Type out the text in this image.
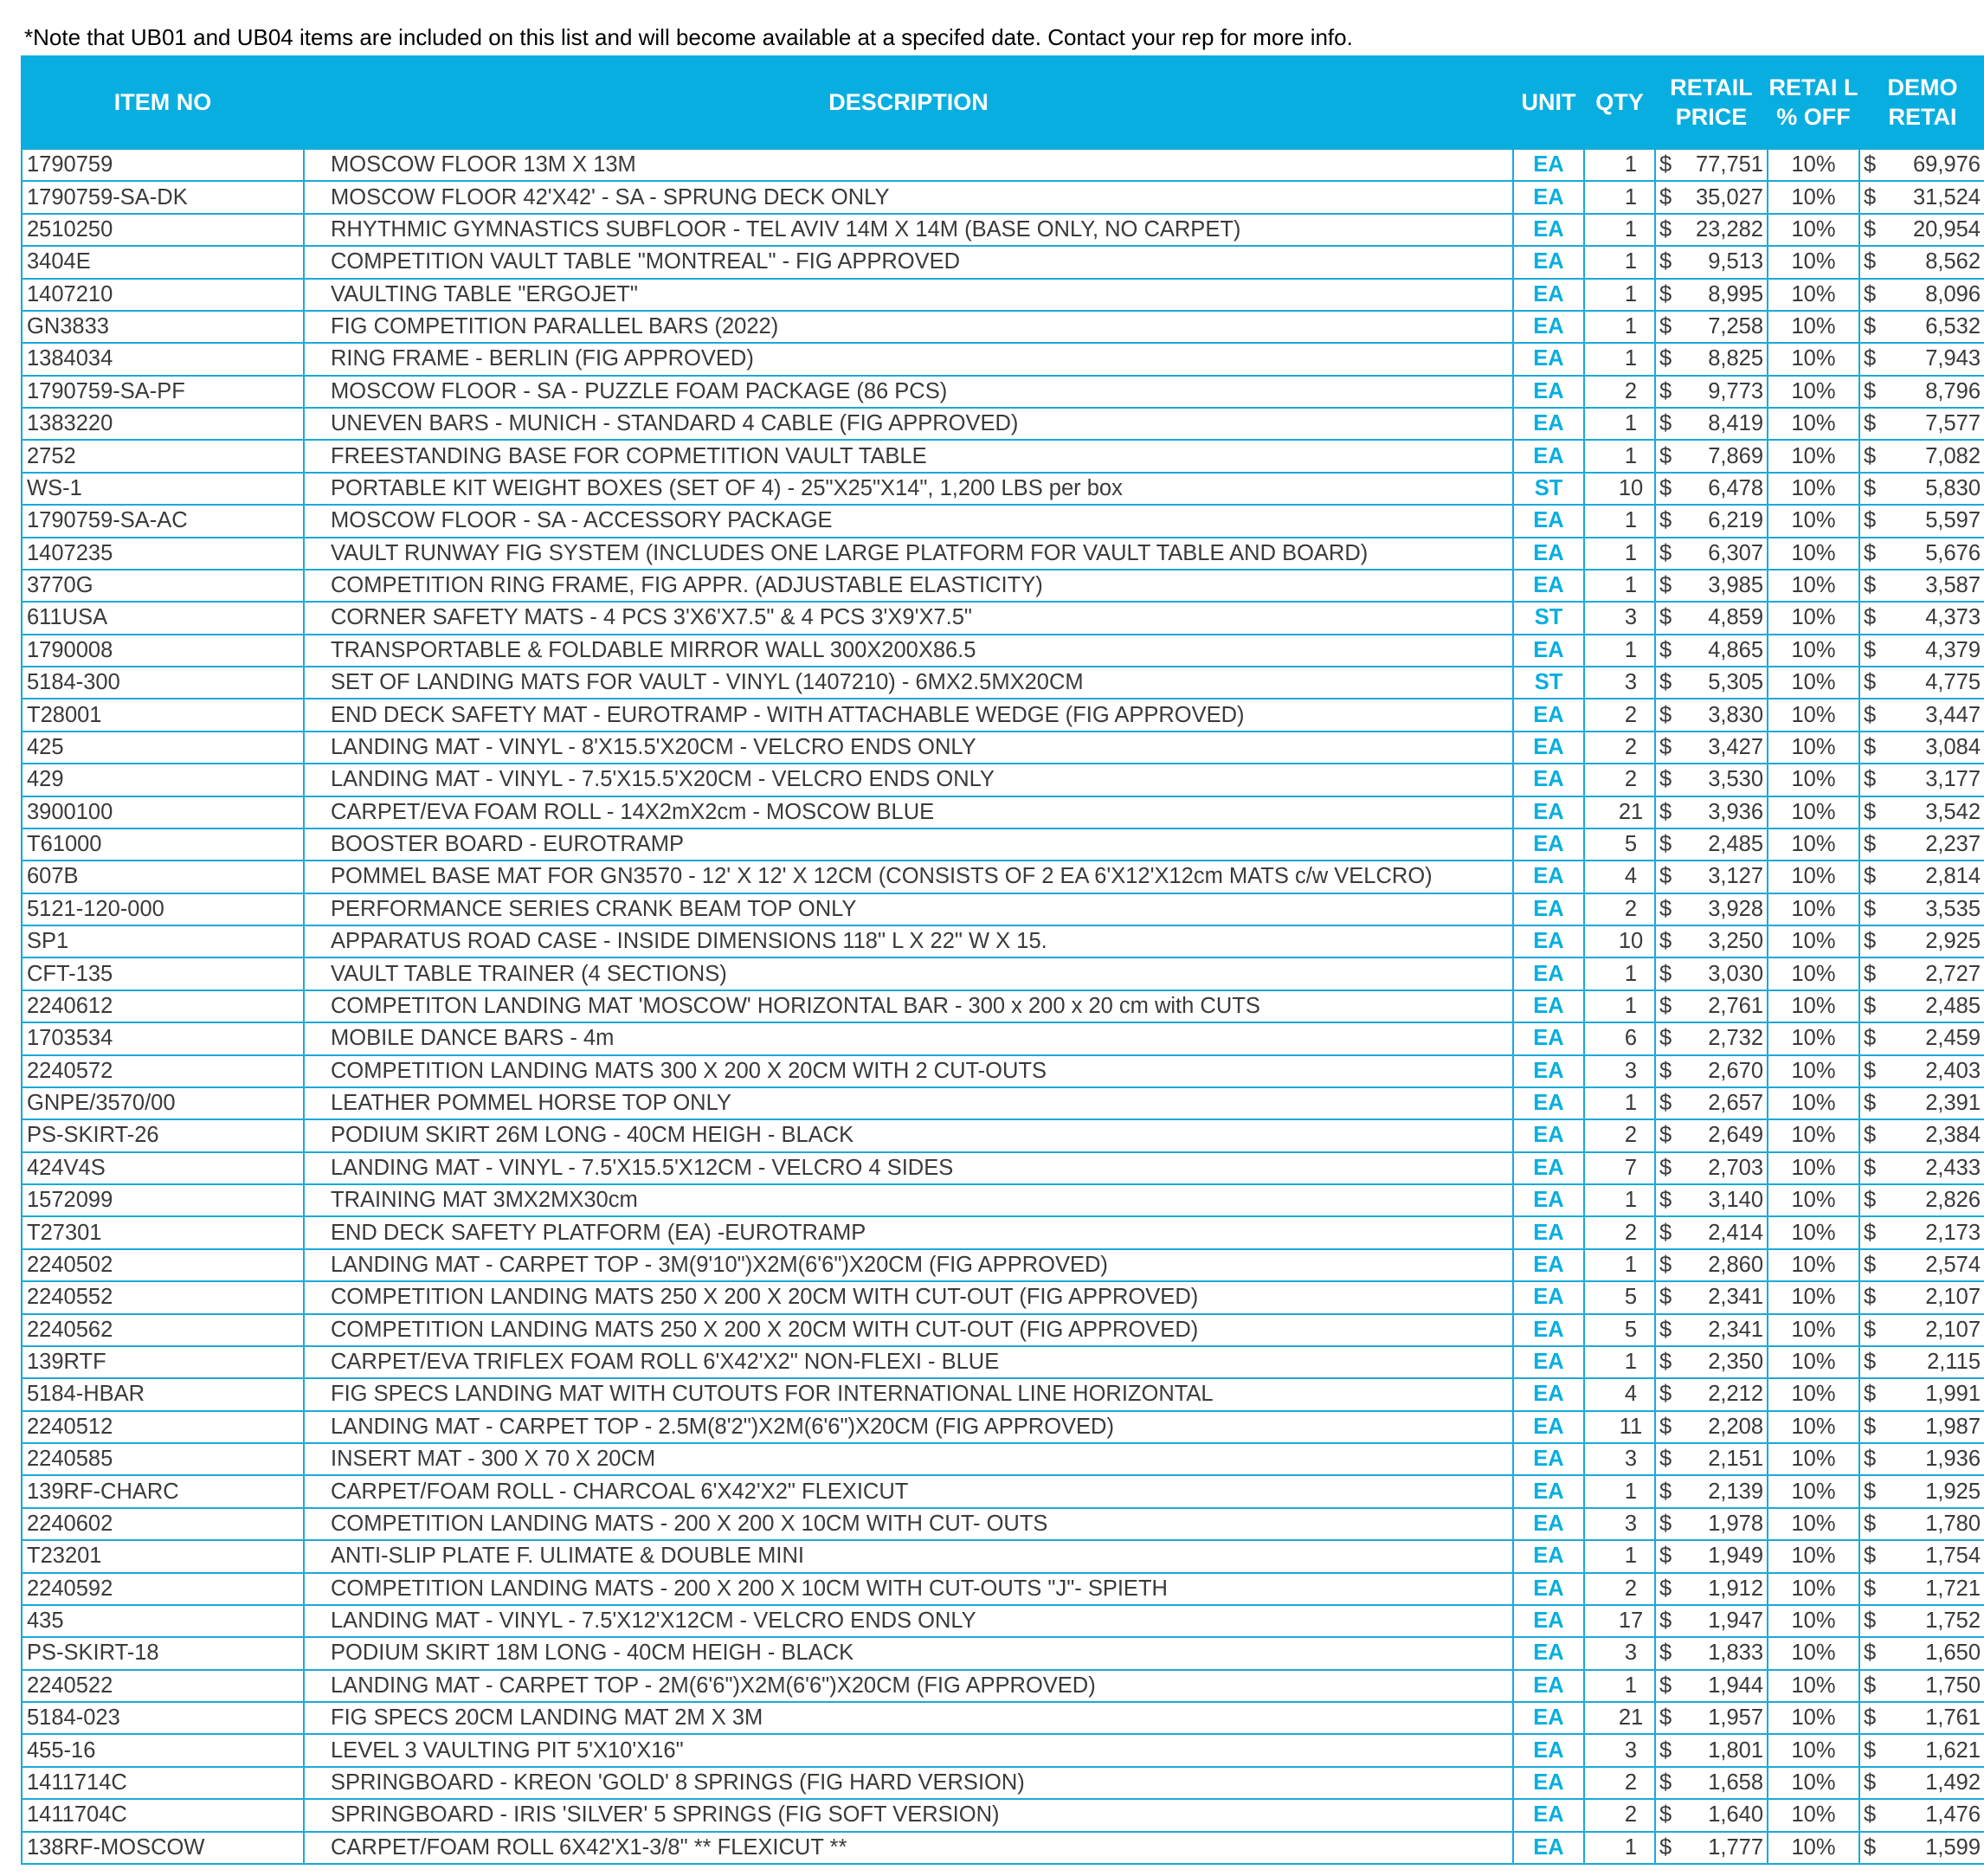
*Note that UB01 and UB04 items are included on this list and will become available at a specifed date. Contact your rep for more info.
ITEM NO	DESCRIPTION	UNIT	QTY	RETAIL PRICE	RETAI L % OFF	DEMO RETAI
1790759	MOSCOW FLOOR 13M X 13M	EA	1	$ 77,751	10%	$ 69,976

1790759-SA-DK	MOSCOW FLOOR 42'X42' - SA - SPRUNG DECK ONLY	EA	1	$ 35,027	10%	$ 31,524

2510250	RHYTHMIC GYMNASTICS SUBFLOOR - TEL AVIV 14M X 14M (BASE ONLY, NO CARPET)	EA	1	$ 23,282	10%	$ 20,954

3404E	COMPETITION VAULT TABLE "MONTREAL" - FIG APPROVED	EA	1	$ 9,513	10%	$ 8,562

1407210	VAULTING TABLE "ERGOJET"	EA	1	$ 8,995	10%	$ 8,096

GN3833	FIG COMPETITION PARALLEL BARS (2022)	EA	1	$ 7,258	10%	$ 6,532

1384034	RING FRAME - BERLIN (FIG APPROVED)	EA	1	$ 8,825	10%	$ 7,943

1790759-SA-PF	MOSCOW FLOOR - SA - PUZZLE FOAM PACKAGE (86 PCS)	EA	2	$ 9,773	10%	$ 8,796

1383220	UNEVEN BARS - MUNICH - STANDARD 4 CABLE (FIG APPROVED)	EA	1	$ 8,419	10%	$ 7,577

2752	FREESTANDING BASE FOR COPMETITION VAULT TABLE	EA	1	$ 7,869	10%	$ 7,082

WS-1	PORTABLE KIT WEIGHT BOXES (SET OF 4) - 25"X25"X14", 1,200 LBS per box	ST	10	$ 6,478	10%	$ 5,830

1790759-SA-AC	MOSCOW FLOOR - SA - ACCESSORY PACKAGE	EA	1	$ 6,219	10%	$ 5,597

1407235	VAULT RUNWAY FIG SYSTEM (INCLUDES ONE LARGE PLATFORM FOR VAULT TABLE AND BOARD)	EA	1	$ 6,307	10%	$ 5,676

3770G	COMPETITION RING FRAME, FIG APPR. (ADJUSTABLE ELASTICITY)	EA	1	$ 3,985	10%	$ 3,587

611USA	CORNER SAFETY MATS - 4 PCS 3'X6'X7.5" & 4 PCS 3'X9'X7.5"	ST	3	$ 4,859	10%	$ 4,373

1790008	TRANSPORTABLE & FOLDABLE MIRROR WALL 300X200X86.5	EA	1	$ 4,865	10%	$ 4,379

5184-300	SET OF LANDING MATS FOR VAULT - VINYL (1407210) - 6MX2.5MX20CM	ST	3	$ 5,305	10%	$ 4,775

T28001	END DECK SAFETY MAT - EUROTRAMP - WITH ATTACHABLE WEDGE (FIG APPROVED)	EA	2	$ 3,830	10%	$ 3,447

425	LANDING MAT - VINYL - 8'X15.5'X20CM - VELCRO ENDS ONLY	EA	2	$ 3,427	10%	$ 3,084

429	LANDING MAT - VINYL - 7.5'X15.5'X20CM - VELCRO ENDS ONLY	EA	2	$ 3,530	10%	$ 3,177

3900100	CARPET/EVA FOAM ROLL - 14X2mX2cm - MOSCOW BLUE	EA	21	$ 3,936	10%	$ 3,542

T61000	BOOSTER BOARD - EUROTRAMP	EA	5	$ 2,485	10%	$ 2,237

607B	POMMEL BASE MAT FOR GN3570 - 12' X 12' X 12CM (CONSISTS OF 2 EA 6'X12'X12cm MATS c/w VELCRO)	EA	4	$ 3,127	10%	$ 2,814

5121-120-000	PERFORMANCE SERIES CRANK BEAM TOP ONLY	EA	2	$ 3,928	10%	$ 3,535

SP1	APPARATUS ROAD CASE - INSIDE DIMENSIONS 118" L X 22" W X 15.	EA	10	$ 3,250	10%	$ 2,925

CFT-135	VAULT TABLE TRAINER (4 SECTIONS)	EA	1	$ 3,030	10%	$ 2,727

2240612	COMPETITON LANDING MAT 'MOSCOW' HORIZONTAL BAR - 300 x 200 x 20 cm with CUTS	EA	1	$ 2,761	10%	$ 2,485

1703534	MOBILE DANCE BARS - 4m	EA	6	$ 2,732	10%	$ 2,459

2240572	COMPETITION LANDING MATS 300 X 200 X 20CM WITH 2 CUT-OUTS	EA	3	$ 2,670	10%	$ 2,403

GNPE/3570/00	LEATHER POMMEL HORSE TOP ONLY	EA	1	$ 2,657	10%	$ 2,391

PS-SKIRT-26	PODIUM SKIRT 26M LONG - 40CM HEIGH - BLACK	EA	2	$ 2,649	10%	$ 2,384

424V4S	LANDING MAT - VINYL - 7.5'X15.5'X12CM - VELCRO 4 SIDES	EA	7	$ 2,703	10%	$ 2,433

1572099	TRAINING MAT 3MX2MX30cm	EA	1	$ 3,140	10%	$ 2,826

T27301	END DECK SAFETY PLATFORM (EA) -EUROTRAMP	EA	2	$ 2,414	10%	$ 2,173

2240502	LANDING MAT - CARPET TOP - 3M(9'10")X2M(6'6")X20CM (FIG APPROVED)	EA	1	$ 2,860	10%	$ 2,574

2240552	COMPETITION LANDING MATS 250 X 200 X 20CM WITH CUT-OUT (FIG APPROVED)	EA	5	$ 2,341	10%	$ 2,107

2240562	COMPETITION LANDING MATS 250 X 200 X 20CM WITH CUT-OUT (FIG APPROVED)	EA	5	$ 2,341	10%	$ 2,107

139RTF	CARPET/EVA TRIFLEX FOAM ROLL 6'X42'X2" NON-FLEXI - BLUE	EA	1	$ 2,350	10%	$ 2,115

5184-HBAR	FIG SPECS LANDING MAT WITH CUTOUTS FOR INTERNATIONAL LINE HORIZONTAL	EA	4	$ 2,212	10%	$ 1,991

2240512	LANDING MAT - CARPET TOP - 2.5M(8'2")X2M(6'6")X20CM (FIG APPROVED)	EA	11	$ 2,208	10%	$ 1,987

2240585	INSERT MAT - 300 X 70 X 20CM	EA	3	$ 2,151	10%	$ 1,936

139RF-CHARC	CARPET/FOAM ROLL - CHARCOAL 6'X42'X2" FLEXICUT	EA	1	$ 2,139	10%	$ 1,925

2240602	COMPETITION LANDING MATS - 200 X 200 X 10CM WITH CUT- OUTS	EA	3	$ 1,978	10%	$ 1,780

T23201	ANTI-SLIP PLATE F. ULIMATE & DOUBLE MINI	EA	1	$ 1,949	10%	$ 1,754

2240592	COMPETITION LANDING MATS - 200 X 200 X 10CM WITH CUT-OUTS "J"- SPIETH	EA	2	$ 1,912	10%	$ 1,721

435	LANDING MAT - VINYL - 7.5'X12'X12CM - VELCRO ENDS ONLY	EA	17	$ 1,947	10%	$ 1,752

PS-SKIRT-18	PODIUM SKIRT 18M LONG - 40CM HEIGH - BLACK	EA	3	$ 1,833	10%	$ 1,650

2240522	LANDING MAT - CARPET TOP - 2M(6'6")X2M(6'6")X20CM (FIG APPROVED)	EA	1	$ 1,944	10%	$ 1,750

5184-023	FIG SPECS 20CM LANDING MAT 2M X 3M	EA	21	$ 1,957	10%	$ 1,761

455-16	LEVEL 3 VAULTING PIT 5'X10'X16"	EA	3	$ 1,801	10%	$ 1,621

1411714C	SPRINGBOARD - KREON 'GOLD' 8 SPRINGS (FIG HARD VERSION)	EA	2	$ 1,658	10%	$ 1,492

1411704C	SPRINGBOARD - IRIS 'SILVER' 5 SPRINGS (FIG SOFT VERSION)	EA	2	$ 1,640	10%	$ 1,476

138RF-MOSCOW	CARPET/FOAM ROLL 6X42'X1-3/8" ** FLEXICUT **	EA	1	$ 1,777	10%	$ 1,599
